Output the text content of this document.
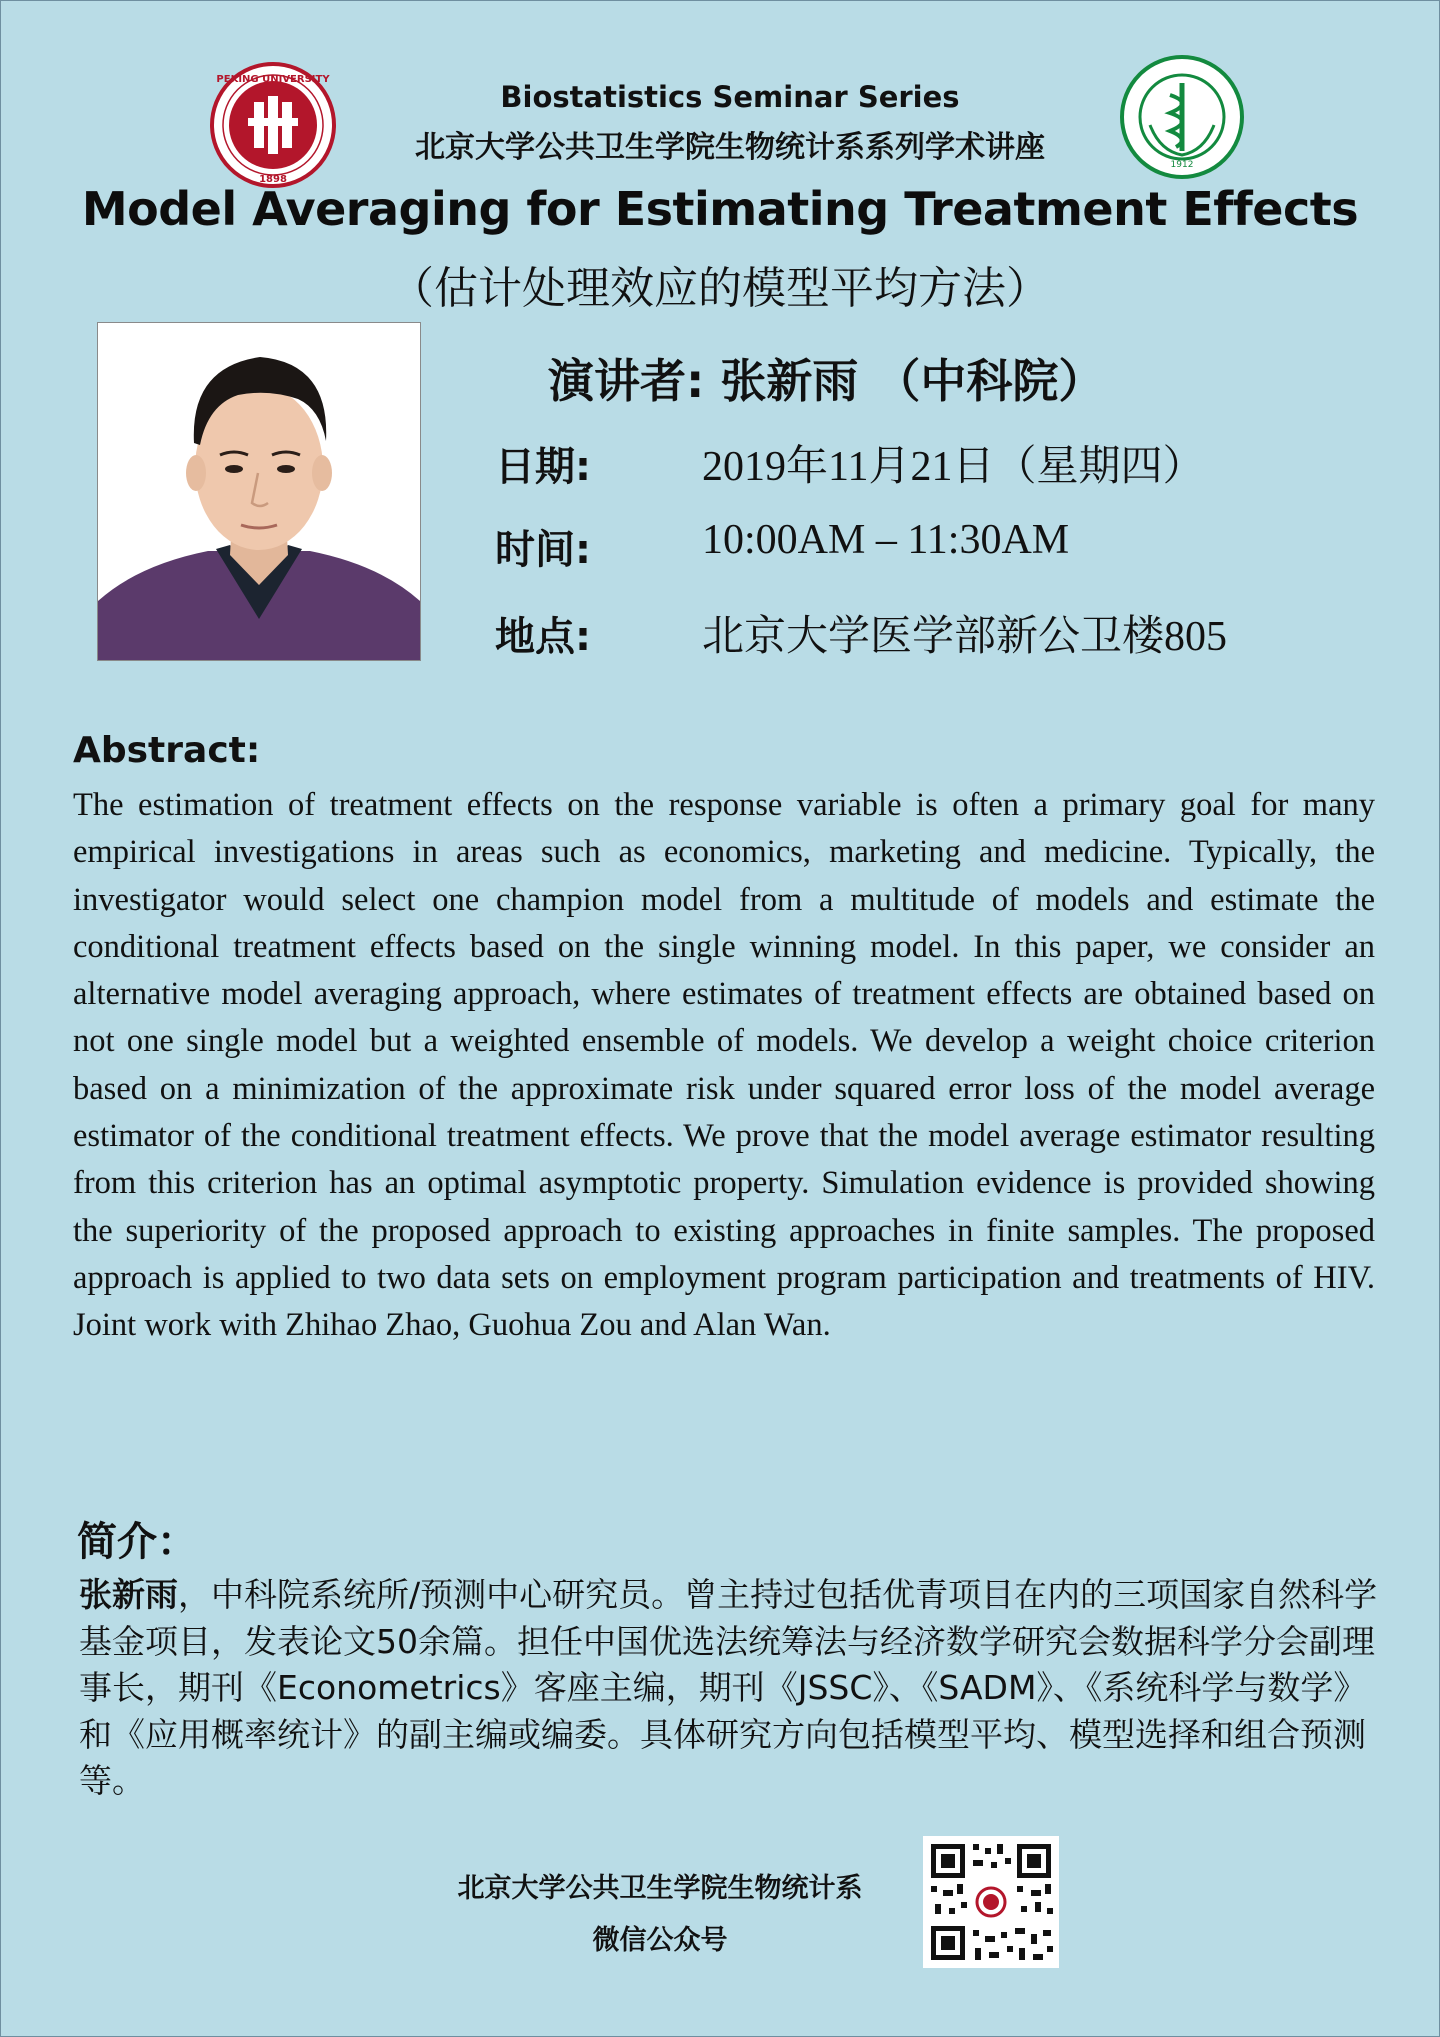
PEKING UNIVERSITY
1898
1912
Biostatistics Seminar Series
北京大学公共卫生学院生物统计系系列学术讲座
Model Averaging for Estimating Treatment Effects
（估计处理效应的模型平均方法）
演讲者: 张新雨 （中科院）
日期:	2019年11月21日（星期四）
时间:	10:00AM – 11:30AM
地点:	北京大学医学部新公卫楼805
Abstract:
The estimation of treatment effects on the response variable is often a primary goal for many empirical investigations in areas such as economics, marketing and medicine. Typically, the investigator would select one champion model from a multitude of models and estimate the conditional treatment effects based on the single winning model. In this paper, we consider an alternative model averaging approach, where estimates of treatment effects are obtained based on not one single model but a weighted ensemble of models. We develop a weight choice criterion based on a minimization of the approximate risk under squared error loss of the model average estimator of the conditional treatment effects. We prove that the model average estimator resulting from this criterion has an optimal asymptotic property. Simulation evidence is provided showing the superiority of the proposed approach to existing approaches in finite samples. The proposed approach is applied to two data sets on employment program participation and treatments of HIV. Joint work with Zhihao Zhao, Guohua Zou and Alan Wan.
简介：
张新雨，中科院系统所/预测中心研究员。曾主持过包括优青项目在内的三项国家自然科学基金项目，发表论文50余篇。担任中国优选法统筹法与经济数学研究会数据科学分会副理事长，期刊《Econometrics》客座主编，期刊《JSSC》、《SADM》、《系统科学与数学》和《应用概率统计》的副主编或编委。具体研究方向包括模型平均、模型选择和组合预测等。
北京大学公共卫生学院生物统计系
微信公众号
